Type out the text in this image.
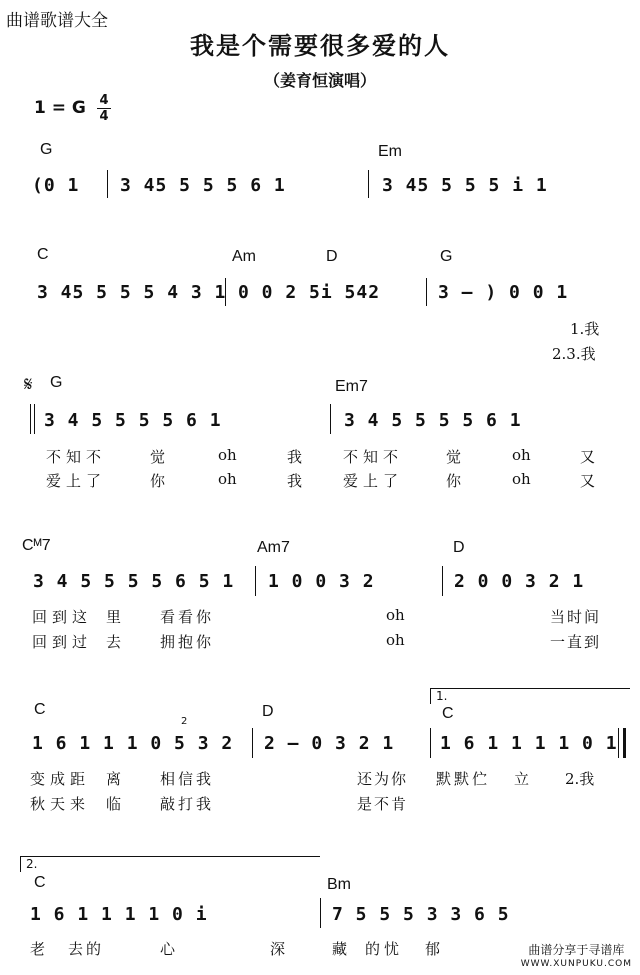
曲谱歌谱大全
我是个需要很多爱的人
（姜育恒演唱）
1 = G 4
4
G	Em
(0 1 3 45 5 5 5 6 1	3 45 5 5 5 i 1
C	Am	D	G
3 45 5 5 5 4 3 1 0 0 2 5i 542	3 – ) 0 0 1
1.我
2.3.我
𝄋 G	Em7
3 4 5 5 5 5 6 1	3 4 5 5 5 5 6 1
不知不	觉	oh	我	不知不	觉	oh	又
爱上了	你	oh	我	爱上了	你	oh	又
Cᴹ7	Am7	D
3 4 5 5 5 5 6 5 1 1 0 0 3 2	2 0 0 3 2 1
回到这 里	看看你	oh	当时间
回到过 去	拥抱你	oh	一直到
1.
C	D	C
2
1 6 1 1 1 0 5 3 2 2 – 0 3 2 1	1 6 1 1 1 1 0 1
变成距 离	相信我	还为你 默默伫 立 2.我
秋天来 临	敲打我	是不肯
2.
C	Bm
1 6 1 1 1 1 0 i	7 5 5 5 3 3 6 5
老 去的	心	深	藏 的忧 郁	曲谱分享于寻谱库
WWW.XUNPUKU.COM
